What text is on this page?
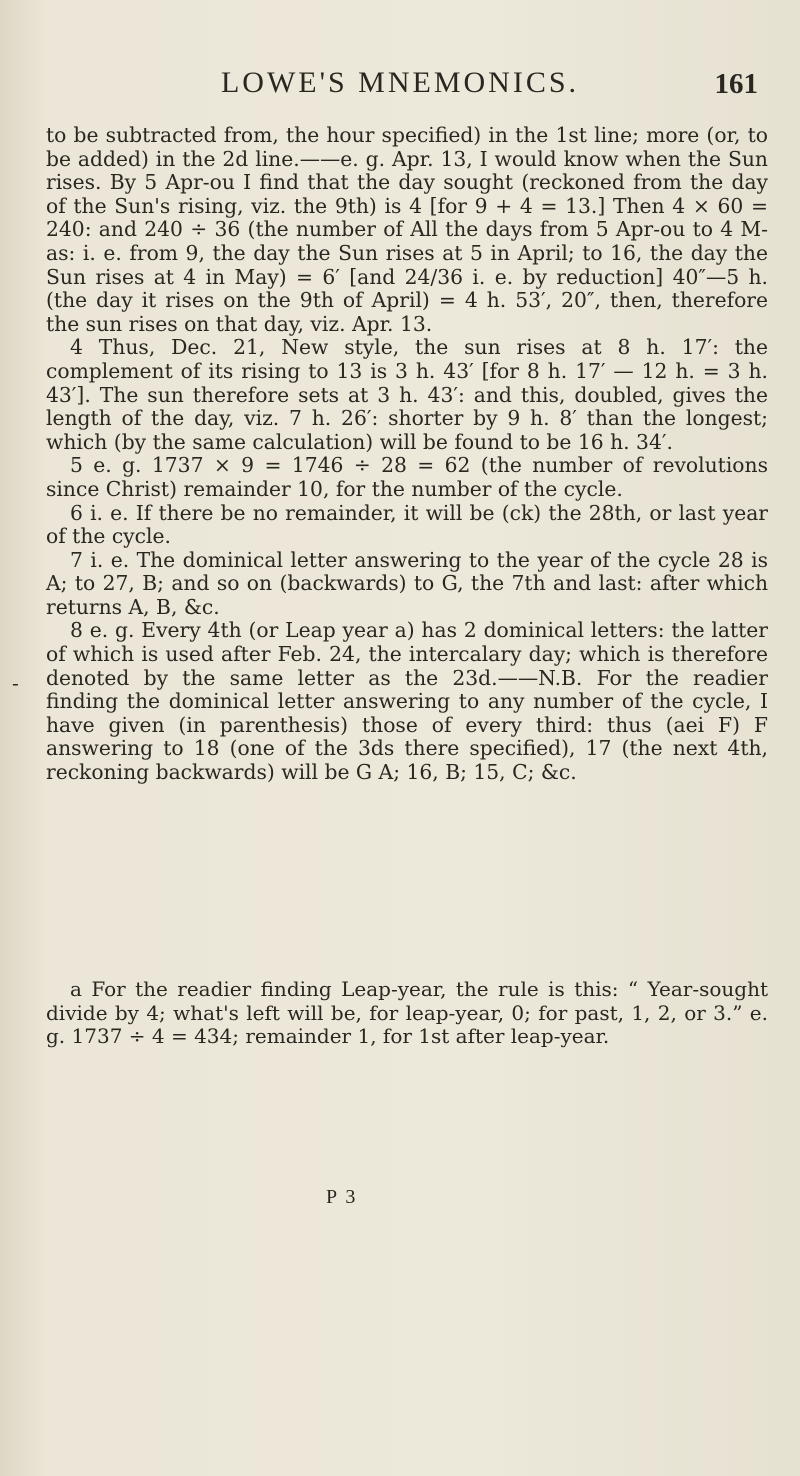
LOWE'S MNEMONICS.	161
-

to be subtracted from, the hour specified) in the 1st line; more (or, to be added) in the 2d line.——e. g. Apr. 13, I would know when the Sun rises. By 5 Apr-ou I find that the day sought (reckoned from the day of the Sun's rising, viz. the 9th) is 4 [for 9 + 4 = 13.] Then 4 × 60 = 240: and 240 ÷ 36 (the number of All the days from 5 Apr-ou to 4 M-as: i. e. from 9, the day the Sun rises at 5 in April; to 16, the day the Sun rises at 4 in May) = 6′ [and 24/36 i. e. by reduction] 40″—5 h. (the day it rises on the 9th of April) = 4 h. 53′, 20″, then, therefore the sun rises on that day, viz. Apr. 13.

4 Thus, Dec. 21, New style, the sun rises at 8 h. 17′: the complement of its rising to 13 is 3 h. 43′ [for 8 h. 17′ — 12 h. = 3 h. 43′]. The sun therefore sets at 3 h. 43′: and this, doubled, gives the length of the day, viz. 7 h. 26′: shorter by 9 h. 8′ than the longest; which (by the same calculation) will be found to be 16 h. 34′.

5 e. g. 1737 × 9 = 1746 ÷ 28 = 62 (the number of revolutions since Christ) remainder 10, for the number of the cycle.

6 i. e. If there be no remainder, it will be (ck) the 28th, or last year of the cycle.

7 i. e. The dominical letter answering to the year of the cycle 28 is A; to 27, B; and so on (backwards) to G, the 7th and last: after which returns A, B, &c.

8 e. g. Every 4th (or Leap year a) has 2 dominical letters: the latter of which is used after Feb. 24, the intercalary day; which is therefore denoted by the same letter as the 23d.——N.B. For the readier finding the dominical letter answering to any number of the cycle, I have given (in parenthesis) those of every third: thus (aei F) F answering to 18 (one of the 3ds there specified), 17 (the next 4th, reckoning backwards) will be G A; 16, B; 15, C; &c.

a For the readier finding Leap-year, the rule is this: “ Year-sought divide by 4; what's left will be, for leap-year, 0; for past, 1, 2, or 3.” e. g. 1737 ÷ 4 = 434; remainder 1, for 1st after leap-year.

P 3
